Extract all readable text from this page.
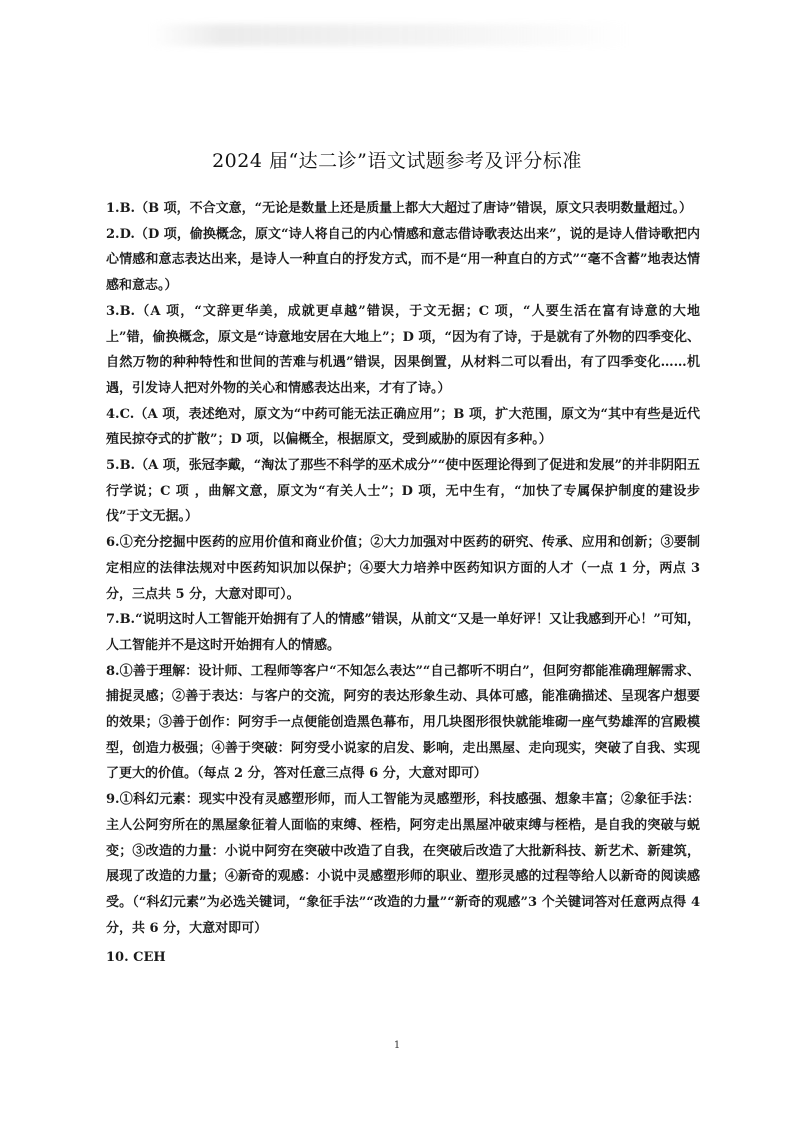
2024 届“达二诊”语文试题参考及评分标准

1.B.（B 项，不合文意，“无论是数量上还是质量上都大大超过了唐诗”错误，原文只表明数量超过。）

2.D.（D 项，偷换概念，原文“诗人将自己的内心情感和意志借诗歌表达出来”，说的是诗人借诗歌把内心情感和意志表达出来，是诗人一种直白的抒发方式，而不是“用一种直白的方式”“毫不含蓄”地表达情感和意志。）

3.B.（A 项，“文辞更华美，成就更卓越”错误，于文无据；C 项，“人要生活在富有诗意的大地上”错，偷换概念，原文是“诗意地安居在大地上”；D 项，“因为有了诗，于是就有了外物的四季变化、自然万物的种种特性和世间的苦难与机遇”错误，因果倒置，从材料二可以看出，有了四季变化……机遇，引发诗人把对外物的关心和情感表达出来，才有了诗。）

4.C.（A 项，表述绝对，原文为“中药可能无法正确应用”；B 项，扩大范围，原文为“其中有些是近代殖民掠夺式的扩散”；D 项，以偏概全，根据原文，受到威胁的原因有多种。）

5.B.（A 项，张冠李戴，“淘汰了那些不科学的巫术成分”“使中医理论得到了促进和发展”的并非阴阳五行学说；C 项 ，曲解文意，原文为“有关人士”；D 项，无中生有，“加快了专属保护制度的建设步伐”于文无据。）

6.①充分挖掘中医药的应用价值和商业价值；②大力加强对中医药的研究、传承、应用和创新；③要制定相应的法律法规对中医药知识加以保护；④要大力培养中医药知识方面的人才（一点 1 分，两点 3 分，三点共 5 分，大意对即可）。

7.B.“说明这时人工智能开始拥有了人的情感”错误，从前文“又是一单好评！又让我感到开心！”可知，人工智能并不是这时开始拥有人的情感。

8.①善于理解：设计师、工程师等客户“不知怎么表达”“自己都听不明白”，但阿穷都能准确理解需求、捕捉灵感；②善于表达：与客户的交流，阿穷的表达形象生动、具体可感，能准确描述、呈现客户想要的效果；③善于创作：阿穷手一点便能创造黑色幕布，用几块图形很快就能堆砌一座气势雄浑的宫殿模型，创造力极强；④善于突破：阿穷受小说家的启发、影响，走出黑屋、走向现实，突破了自我、实现了更大的价值。（每点 2 分，答对任意三点得 6 分，大意对即可）

9.①科幻元素：现实中没有灵感塑形师，而人工智能为灵感塑形，科技感强、想象丰富；②象征手法：主人公阿穷所在的黑屋象征着人面临的束缚、桎梏，阿穷走出黑屋冲破束缚与桎梏，是自我的突破与蜕变；③改造的力量：小说中阿穷在突破中改造了自我，在突破后改造了大批新科技、新艺术、新建筑，展现了改造的力量；④新奇的观感：小说中灵感塑形师的职业、塑形灵感的过程等给人以新奇的阅读感受。（“科幻元素”为必选关键词，“象征手法”“改造的力量”“新奇的观感”3 个关键词答对任意两点得 4 分，共 6 分，大意对即可）

10. CEH

1
